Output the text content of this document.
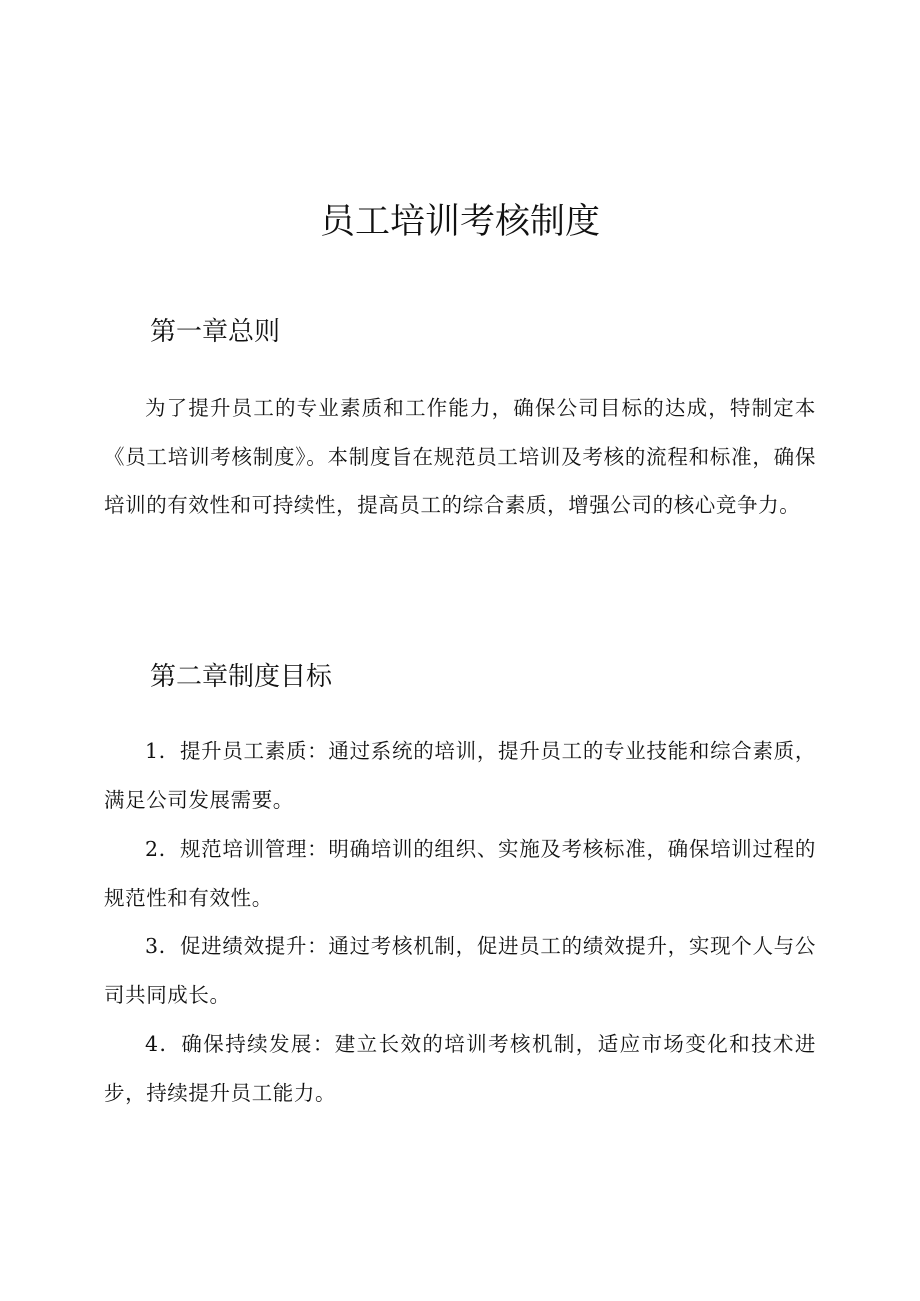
员工培训考核制度
第一章总则

为了提升员工的专业素质和工作能力，确保公司目标的达成，特制定本《员工培训考核制度》。本制度旨在规范员工培训及考核的流程和标准，确保培训的有效性和可持续性，提高员工的综合素质，增强公司的核心竞争力。

第二章制度目标

1．提升员工素质：通过系统的培训，提升员工的专业技能和综合素质，满足公司发展需要。

2．规范培训管理：明确培训的组织、实施及考核标准，确保培训过程的规范性和有效性。

3．促进绩效提升：通过考核机制，促进员工的绩效提升，实现个人与公司共同成长。

4．确保持续发展：建立长效的培训考核机制，适应市场变化和技术进步，持续提升员工能力。
